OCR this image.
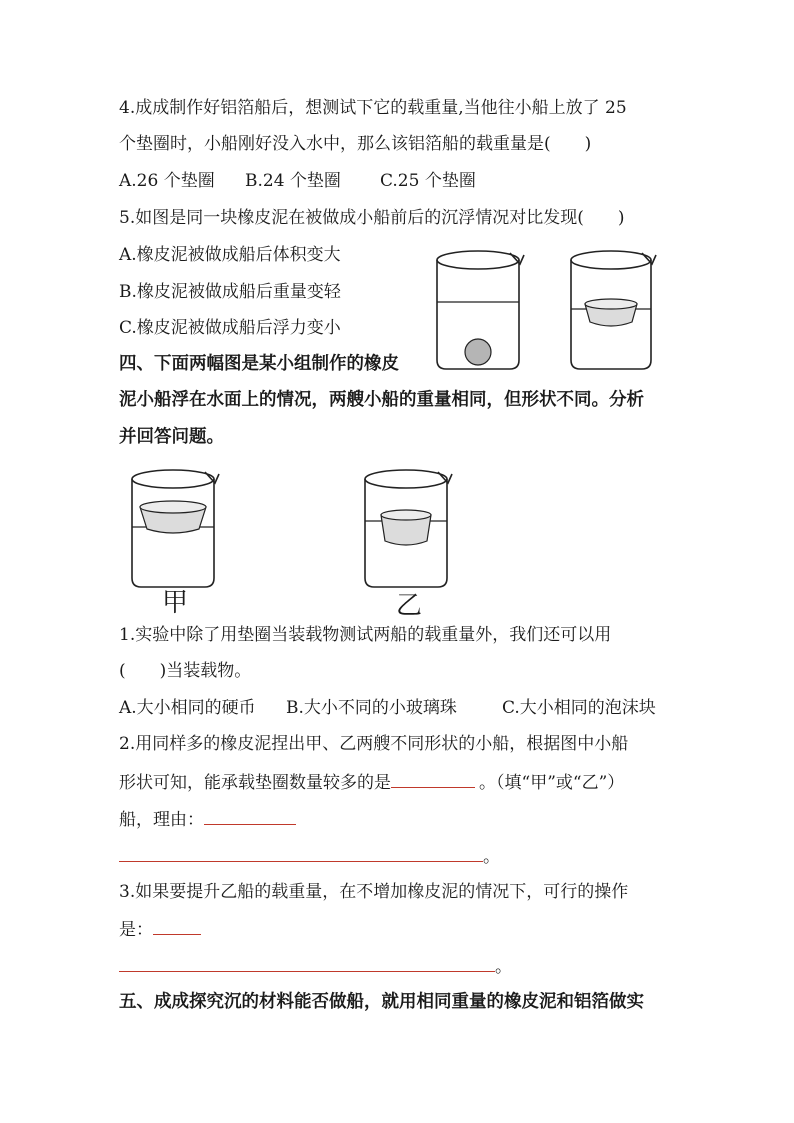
4.成成制作好铝箔船后，想测试下它的载重量,当他往小船上放了 25
个垫圈时，小船刚好没入水中，那么该铝箔船的载重量是( )
A.26 个垫圈 B.24 个垫圈 C.25 个垫圈
5.如图是同一块橡皮泥在被做成小船前后的沉浮情况对比发现( )
A.橡皮泥被做成船后体积变大
B.橡皮泥被做成船后重量变轻
C.橡皮泥被做成船后浮力变小
四、下面两幅图是某小组制作的橡皮
泥小船浮在水面上的情况，两艘小船的重量相同，但形状不同。分析
并回答问题。
甲	乙
1.实验中除了用垫圈当装载物测试两船的载重量外，我们还可以用
( )当装载物。
A.大小相同的硬币 B.大小不同的小玻璃珠	C.大小相同的泡沫块
2.用同样多的橡皮泥捏出甲、乙两艘不同形状的小船，根据图中小船
形状可知，能承载垫圈数量较多的是	。（填“甲”或“乙”）
船，理由：
。
3.如果要提升乙船的载重量，在不增加橡皮泥的情况下，可行的操作
是：
。
五、成成探究沉的材料能否做船，就用相同重量的橡皮泥和铝箔做实
